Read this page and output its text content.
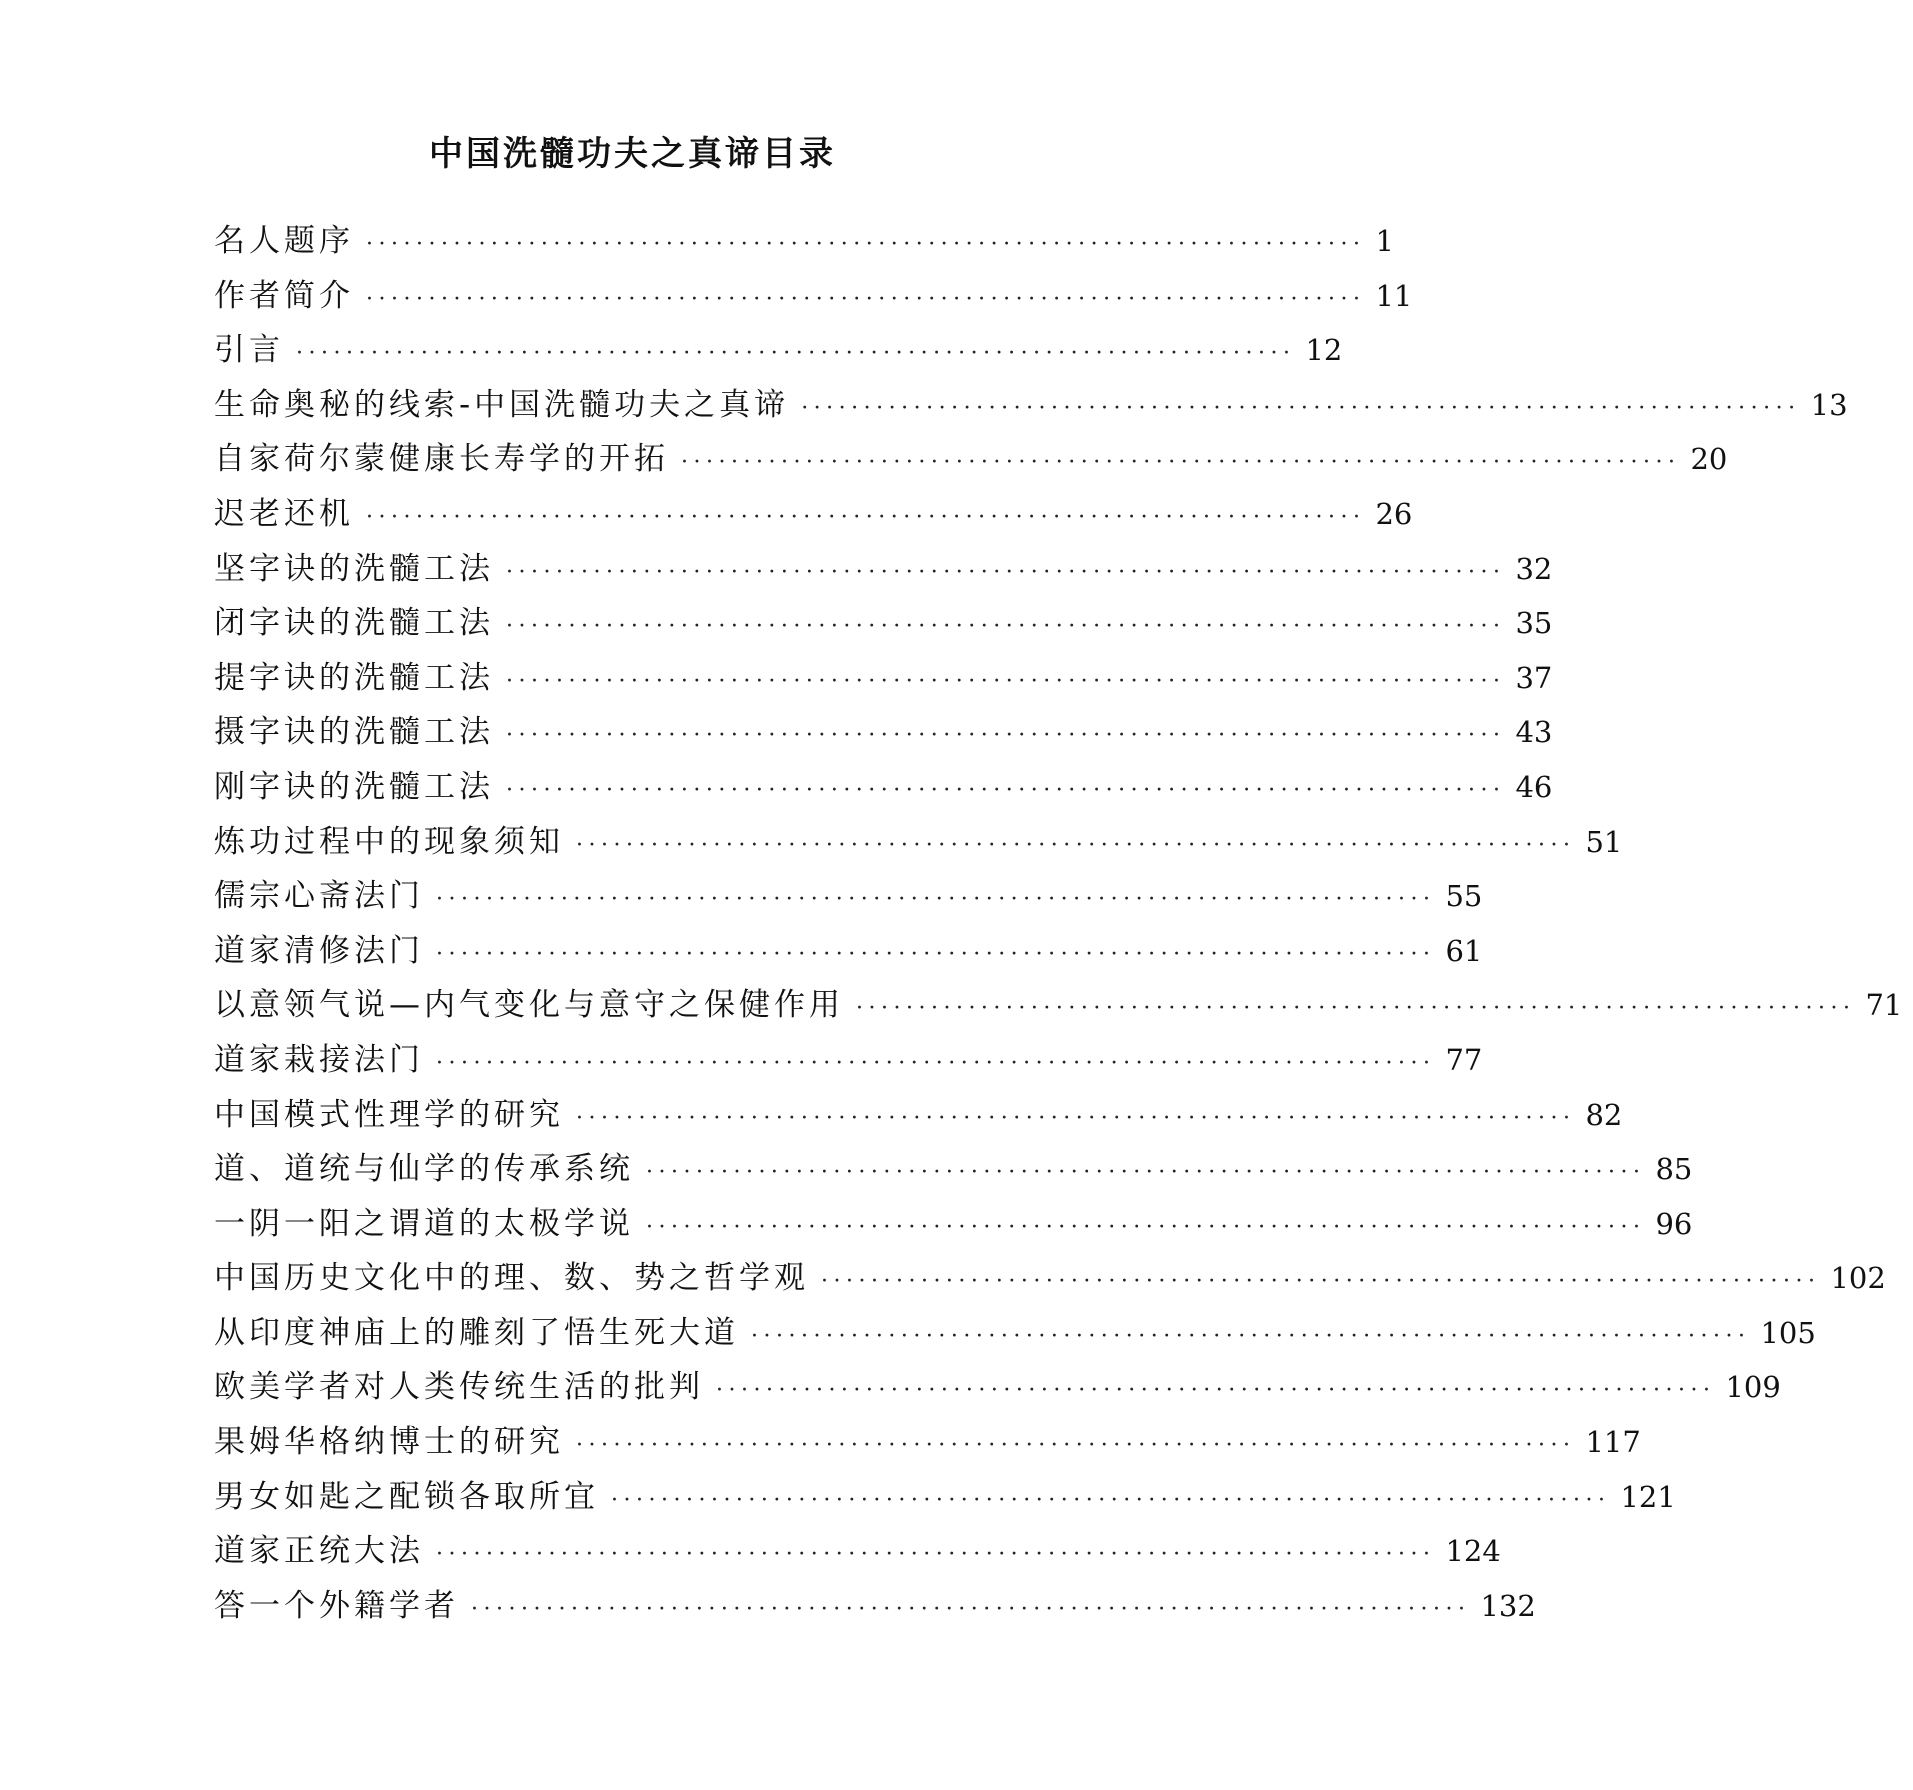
中国洗髓功夫之真谛目录
名人题序 ················································································ 1
作者简介 ················································································ 11
引言 ················································································ 12
生命奥秘的线索-中国洗髓功夫之真谛 ················································································ 13
自家荷尔蒙健康长寿学的开拓 ················································································ 20
迟老还机 ················································································ 26
坚字诀的洗髓工法 ················································································ 32
闭字诀的洗髓工法 ················································································ 35
提字诀的洗髓工法 ················································································ 37
摄字诀的洗髓工法 ················································································ 43
刚字诀的洗髓工法 ················································································ 46
炼功过程中的现象须知 ················································································ 51
儒宗心斋法门 ················································································ 55
道家清修法门 ················································································ 61
以意领气说—内气变化与意守之保健作用 ················································································ 71
道家栽接法门 ················································································ 77
中国模式性理学的研究 ················································································ 82
道、道统与仙学的传承系统 ················································································ 85
一阴一阳之谓道的太极学说 ················································································ 96
中国历史文化中的理、数、势之哲学观 ················································································ 102
从印度神庙上的雕刻了悟生死大道 ················································································ 105
欧美学者对人类传统生活的批判 ················································································ 109
果姆华格纳博士的研究 ················································································ 117
男女如匙之配锁各取所宜 ················································································ 121
道家正统大法 ················································································ 124
答一个外籍学者 ················································································ 132
